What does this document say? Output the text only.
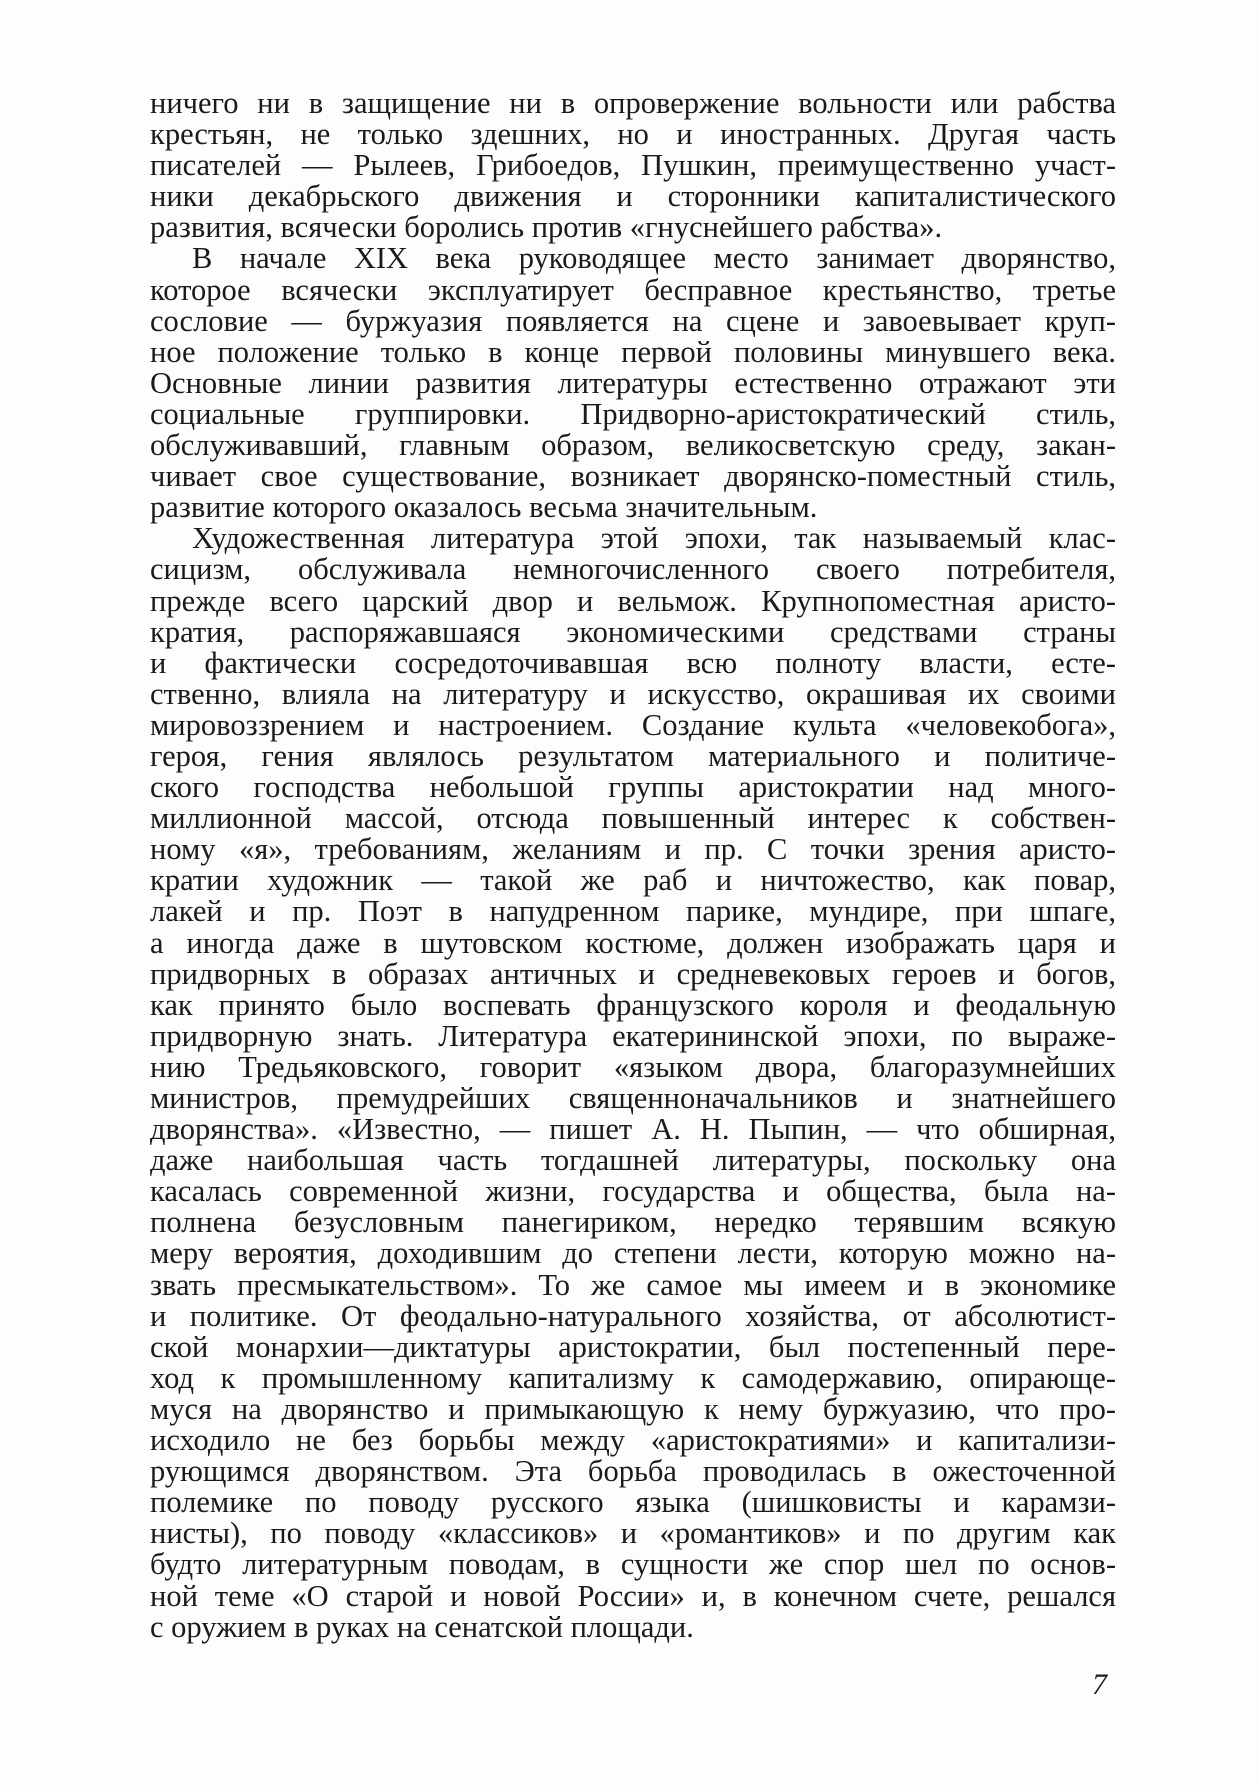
ничего ни в защищение ни в опровержение вольности или рабства
крестьян, не только здешних, но и иностранных. Другая часть
писателей — Рылеев, Грибоедов, Пушкин, преимущественно участ-
ники декабрьского движения и сторонники капиталистического
развития, всячески боролись против «гнуснейшего рабства».
В начале XIX века руководящее место занимает дворянство,
которое всячески эксплуатирует бесправное крестьянство, третье
сословие — буржуазия появляется на сцене и завоевывает круп-
ное положение только в конце первой половины минувшего века.
Основные линии развития литературы естественно отражают эти
социальные группировки. Придворно-аристократический стиль,
обслуживавший, главным образом, великосветскую среду, закан-
чивает свое существование, возникает дворянско-поместный стиль,
развитие которого оказалось весьма значительным.
Художественная литература этой эпохи, так называемый клас-
сицизм, обслуживала немногочисленного своего потребителя,
прежде всего царский двор и вельмож. Крупнопоместная аристо-
кратия, распоряжавшаяся экономическими средствами страны
и фактически сосредоточивавшая всю полноту власти, есте-
ственно, влияла на литературу и искусство, окрашивая их своими
мировоззрением и настроением. Создание культа «человекобога»,
героя, гения являлось результатом материального и политиче-
ского господства небольшой группы аристократии над много-
миллионной массой, отсюда повышенный интерес к собствен-
ному «я», требованиям, желаниям и пр. С точки зрения аристо-
кратии художник — такой же раб и ничтожество, как повар,
лакей и пр. Поэт в напудренном парике, мундире, при шпаге,
а иногда даже в шутовском костюме, должен изображать царя и
придворных в образах античных и средневековых героев и богов,
как принято было воспевать французского короля и феодальную
придворную знать. Литература екатерининской эпохи, по выраже-
нию Тредьяковского, говорит «языком двора, благоразумнейших
министров, премудрейших священноначальников и знатнейшего
дворянства». «Известно, — пишет А. Н. Пыпин, — что обширная,
даже наибольшая часть тогдашней литературы, поскольку она
касалась современной жизни, государства и общества, была на-
полнена безусловным панегириком, нередко терявшим всякую
меру вероятия, доходившим до степени лести, которую можно на-
звать пресмыкательством». То же самое мы имеем и в экономике
и политике. От феодально-натурального хозяйства, от абсолютист-
ской монархии—диктатуры аристократии, был постепенный пере-
ход к промышленному капитализму к самодержавию, опирающе-
муся на дворянство и примыкающую к нему буржуазию, что про-
исходило не без борьбы между «аристократиями» и капитализи-
рующимся дворянством. Эта борьба проводилась в ожесточенной
полемике по поводу русского языка (шишковисты и карамзи-
нисты), по поводу «классиков» и «романтиков» и по другим как
будто литературным поводам, в сущности же спор шел по основ-
ной теме «О старой и новой России» и, в конечном счете, решался
с оружием в руках на сенатской площади.
7
